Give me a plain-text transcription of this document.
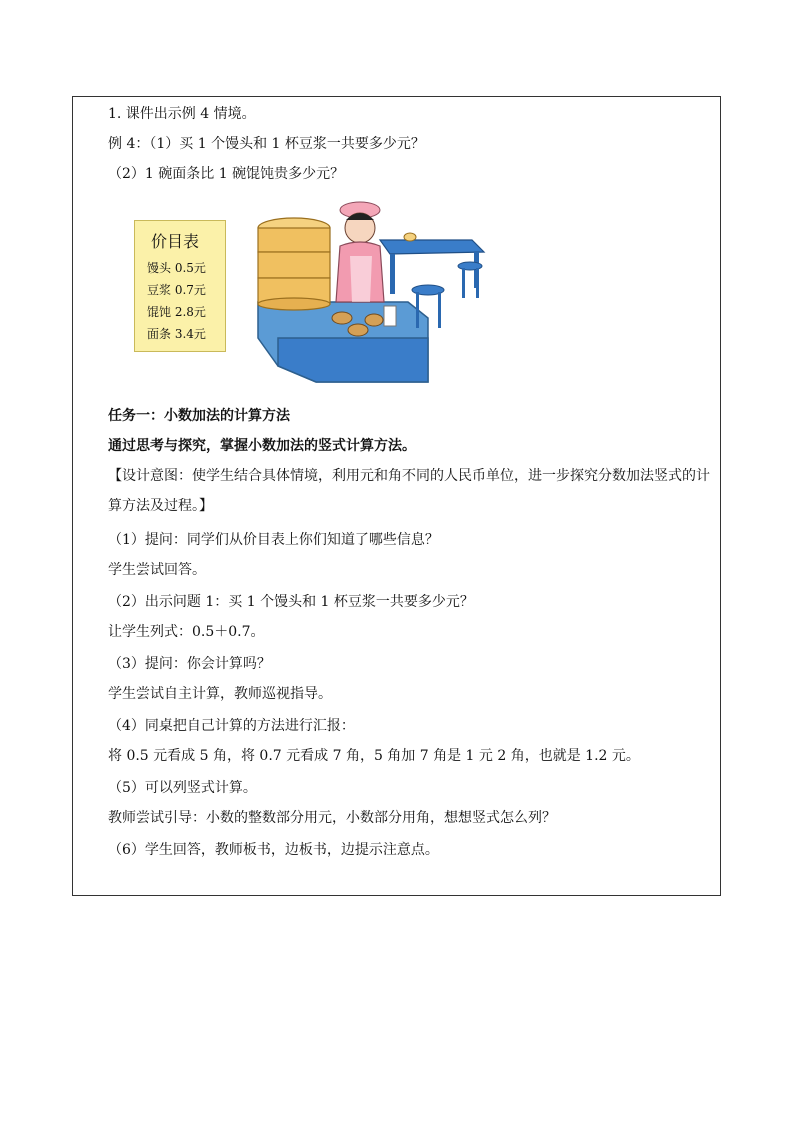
1. 课件出示例 4 情境。
例 4：（1）买 1 个馒头和 1 杯豆浆一共要多少元？
（2）1 碗面条比 1 碗馄饨贵多少元？
价目表
馒头 0.5元
豆浆 0.7元
馄饨 2.8元
面条 3.4元
任务一：小数加法的计算方法
通过思考与探究，掌握小数加法的竖式计算方法。
【设计意图：使学生结合具体情境，利用元和角不同的人民币单位，进一步探究分数加法竖式的计
算方法及过程。】
（1）提问：同学们从价目表上你们知道了哪些信息？
学生尝试回答。
（2）出示问题 1：买 1 个馒头和 1 杯豆浆一共要多少元？
让学生列式：0.5＋0.7。
（3）提问：你会计算吗？
学生尝试自主计算，教师巡视指导。
（4）同桌把自己计算的方法进行汇报：
将 0.5 元看成 5 角，将 0.7 元看成 7 角，5 角加 7 角是 1 元 2 角，也就是 1.2 元。
（5）可以列竖式计算。
教师尝试引导：小数的整数部分用元，小数部分用角，想想竖式怎么列？
（6）学生回答，教师板书，边板书，边提示注意点。
